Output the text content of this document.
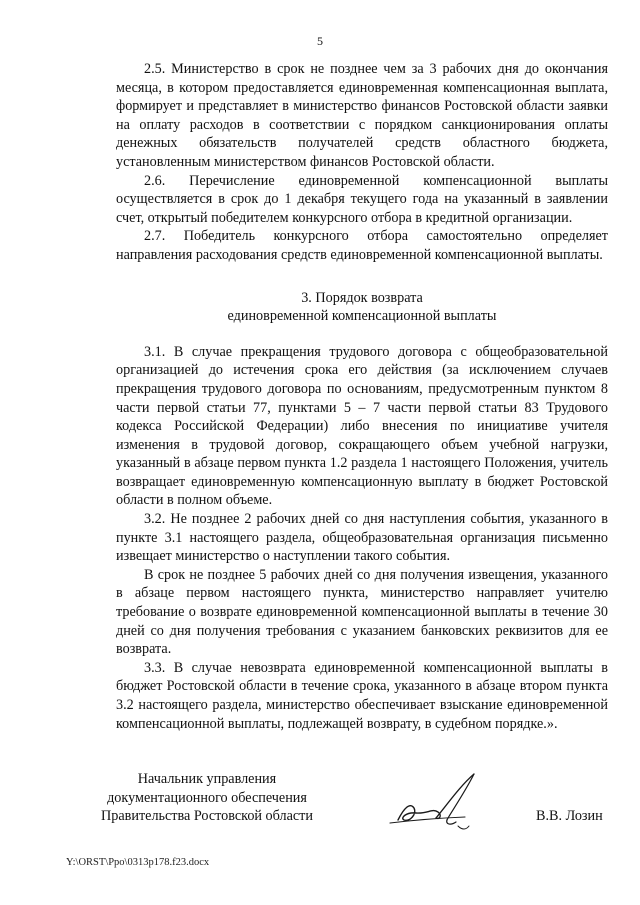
5

2.5. Министерство в срок не позднее чем за 3 рабочих дня до окончания месяца, в котором предоставляется единовременная компенсационная выплата, формирует и представляет в министерство финансов Ростовской области заявки на оплату расходов в соответствии с порядком санкционирования оплаты денежных обязательств получателей средств областного бюджета, установленным министерством финансов Ростовской области.

2.6. Перечисление единовременной компенсационной выплаты осуществляется в срок до 1 декабря текущего года на указанный в заявлении счет, открытый победителем конкурсного отбора в кредитной организации.

2.7. Победитель конкурсного отбора самостоятельно определяет направления расходования средств единовременной компенсационной выплаты.

3. Порядок возврата
единовременной компенсационной выплаты

3.1. В случае прекращения трудового договора с общеобразовательной организацией до истечения срока его действия (за исключением случаев прекращения трудового договора по основаниям, предусмотренным пунктом 8 части первой статьи 77, пунктами 5 – 7 части первой статьи 83 Трудового кодекса Российской Федерации) либо внесения по инициативе учителя изменения в трудовой договор, сокращающего объем учебной нагрузки, указанный в абзаце первом пункта 1.2 раздела 1 настоящего Положения, учитель возвращает единовременную компенсационную выплату в бюджет Ростовской области в полном объеме.

3.2. Не позднее 2 рабочих дней со дня наступления события, указанного в пункте 3.1 настоящего раздела, общеобразовательная организация письменно извещает министерство о наступлении такого события.

В срок не позднее 5 рабочих дней со дня получения извещения, указанного в абзаце первом настоящего пункта, министерство направляет учителю требование о возврате единовременной компенсационной выплаты в течение 30 дней со дня получения требования с указанием банковских реквизитов для ее возврата.

3.3. В случае невозврата единовременной компенсационной выплаты в бюджет Ростовской области в течение срока, указанного в абзаце втором пункта 3.2 настоящего раздела, министерство обеспечивает взыскание единовременной компенсационной выплаты, подлежащей возврату, в судебном порядке.».

Начальник управления
документационного обеспечения
Правительства Ростовской области	В.В. Лозин
Y:\ORST\Ppo\0313p178.f23.docx
